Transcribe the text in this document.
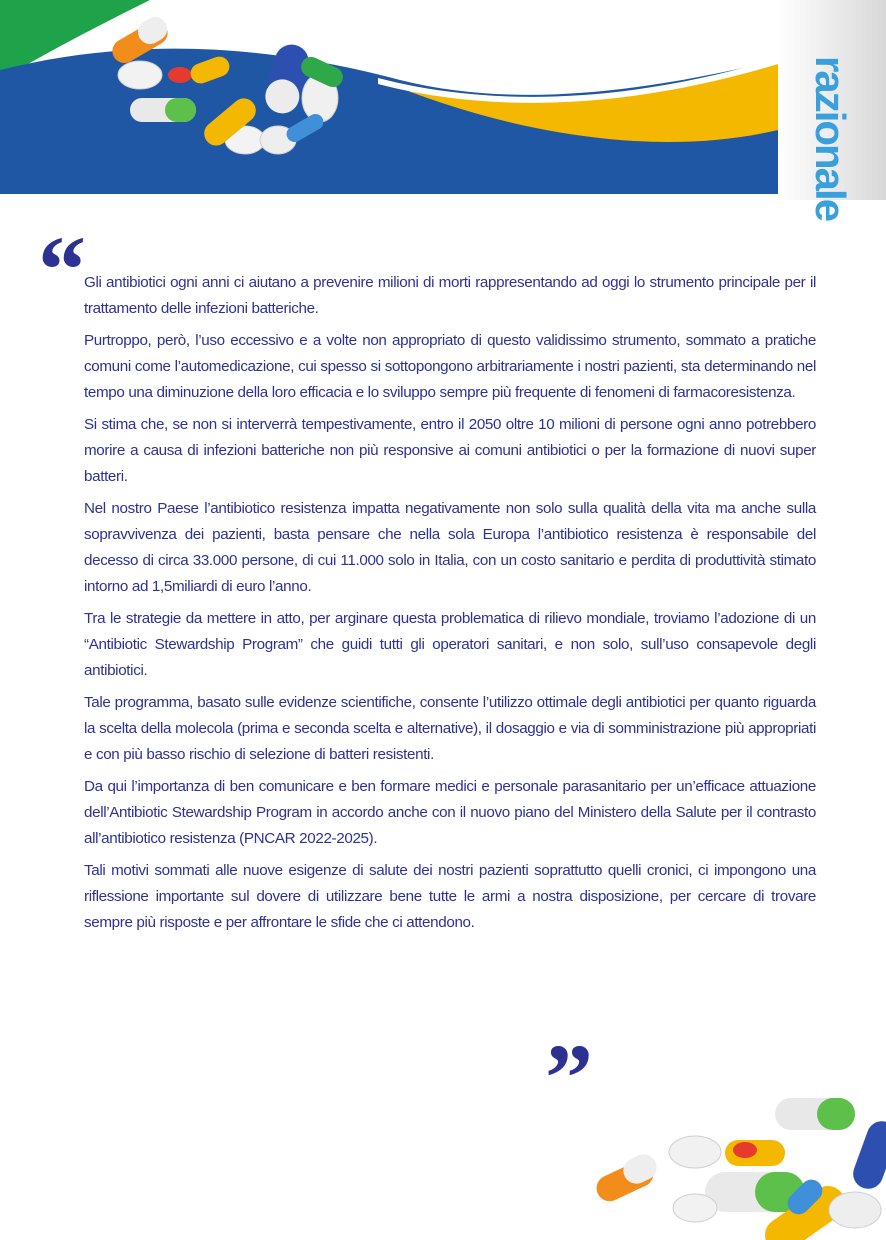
razionale
“

Gli antibiotici ogni anni ci aiutano a prevenire milioni di morti rappresentando ad oggi lo strumento principale per il trattamento delle infezioni batteriche.

Purtroppo, però, l’uso eccessivo e a volte non appropriato di questo validissimo strumento, sommato a pratiche comuni come l’automedicazione, cui spesso si sottopongono arbitrariamente i nostri pazienti, sta determinando nel tempo una diminuzione della loro efficacia e lo sviluppo sempre più frequente di fenomeni di farmacoresistenza.

Si stima che, se non si interverrà tempestivamente, entro il 2050 oltre 10 milioni di persone ogni anno potrebbero morire a causa di infezioni batteriche non più responsive ai comuni antibiotici o per la formazione di nuovi super batteri.

Nel nostro Paese l’antibiotico resistenza impatta negativamente non solo sulla qualità della vita ma anche sulla sopravvivenza dei pazienti, basta pensare che nella sola Europa l’antibiotico resistenza è responsabile del decesso di circa 33.000 persone, di cui 11.000 solo in Italia, con un costo sanitario e perdita di produttività stimato intorno ad 1,5miliardi di euro l’anno.

Tra le strategie da mettere in atto, per arginare questa problematica di rilievo mondiale, troviamo l’adozione di un “Antibiotic Stewardship Program” che guidi tutti gli operatori sanitari, e non solo, sull’uso consapevole degli antibiotici.

Tale programma, basato sulle evidenze scientifiche, consente l’utilizzo ottimale degli antibiotici per quanto riguarda la scelta della molecola (prima e seconda scelta e alternative), il dosaggio e via di somministrazione più appropriati e con più basso rischio di selezione di batteri resistenti.

Da qui l’importanza di ben comunicare e ben formare medici e personale parasanitario per un’efficace attuazione dell’Antibiotic Stewardship Program in accordo anche con il nuovo piano del Ministero della Salute per il contrasto all’antibiotico resistenza (PNCAR 2022-2025).

Tali motivi sommati alle nuove esigenze di salute dei nostri pazienti soprattutto quelli cronici, ci impongono una riflessione importante sul dovere di utilizzare bene tutte le armi a nostra disposizione, per cercare di trovare sempre più risposte e per affrontare le sfide che ci attendono.

”
